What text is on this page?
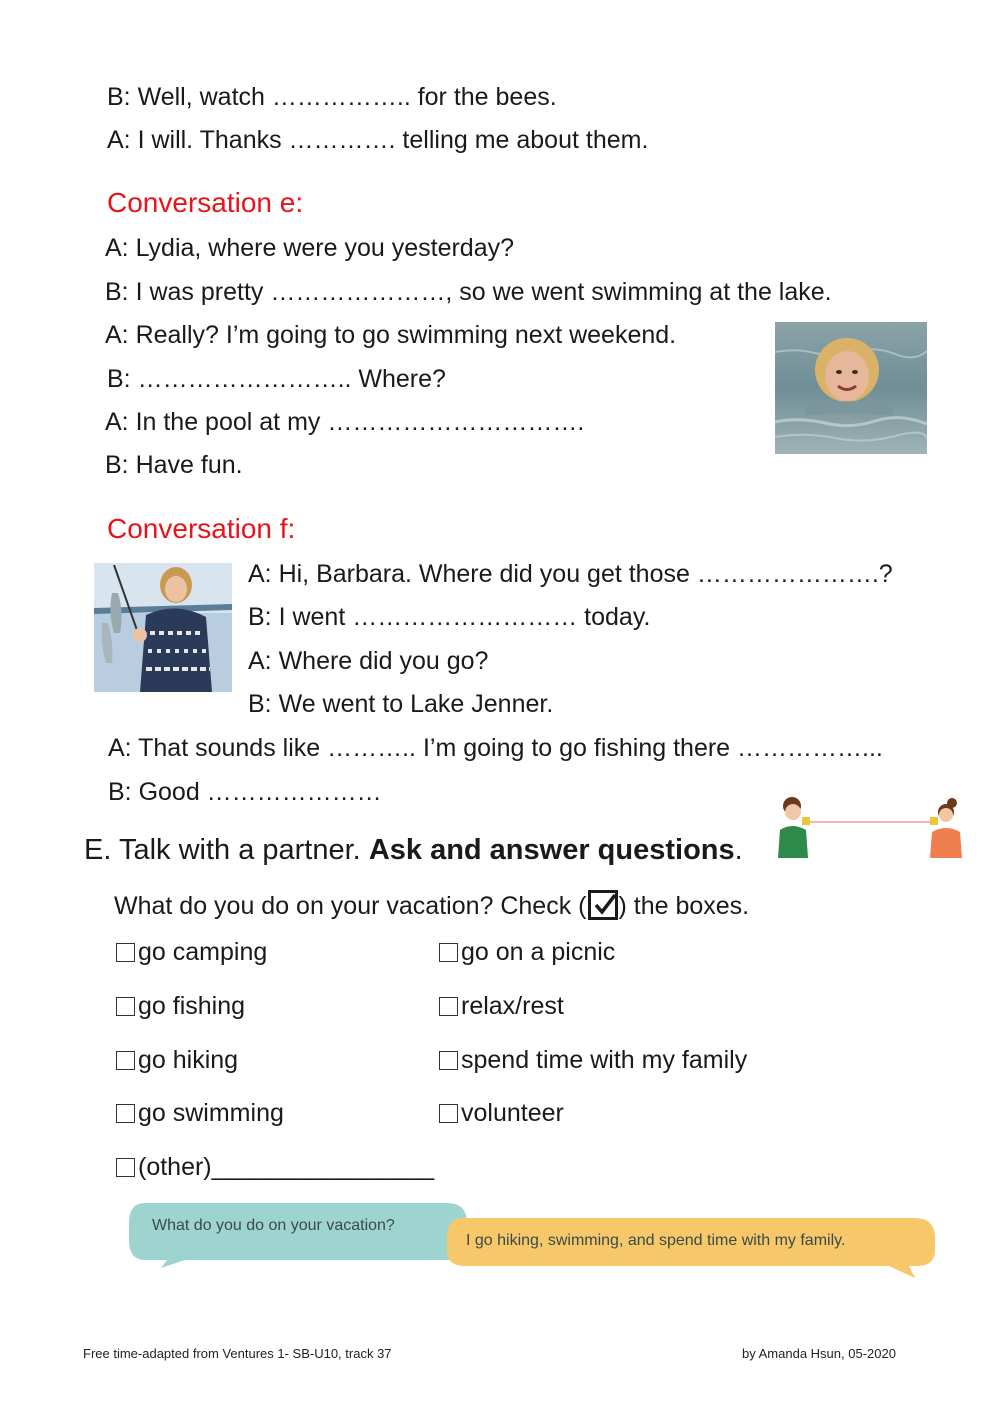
B: Well, watch …………….. for the bees.
A: I will. Thanks …………. telling me about them.
Conversation e:
A: Lydia, where were you yesterday?
B: I was pretty …………………, so we went swimming at the lake.
A: Really? I’m going to go swimming next weekend.
B: …………………….. Where?
A: In the pool at my ………………………….
B: Have fun.
Conversation f:
A: Hi, Barbara. Where did you get those ………………….?
B: I went ……………………… today.
A: Where did you go?
B: We went to Lake Jenner.
A: That sounds like ……….. I’m going to go fishing there ……………...
B: Good …………………
E. Talk with a partner. Ask and answer questions.
What do you do on your vacation? Check ( ) the boxes.
go camping
go fishing
go hiking
go swimming
(other)________________
go on a picnic
relax/rest
spend time with my family
volunteer
What do you do on your vacation?
I go hiking, swimming, and spend time with my family.
Free time-adapted from Ventures 1- SB-U10, track 37	by Amanda Hsun, 05-2020
